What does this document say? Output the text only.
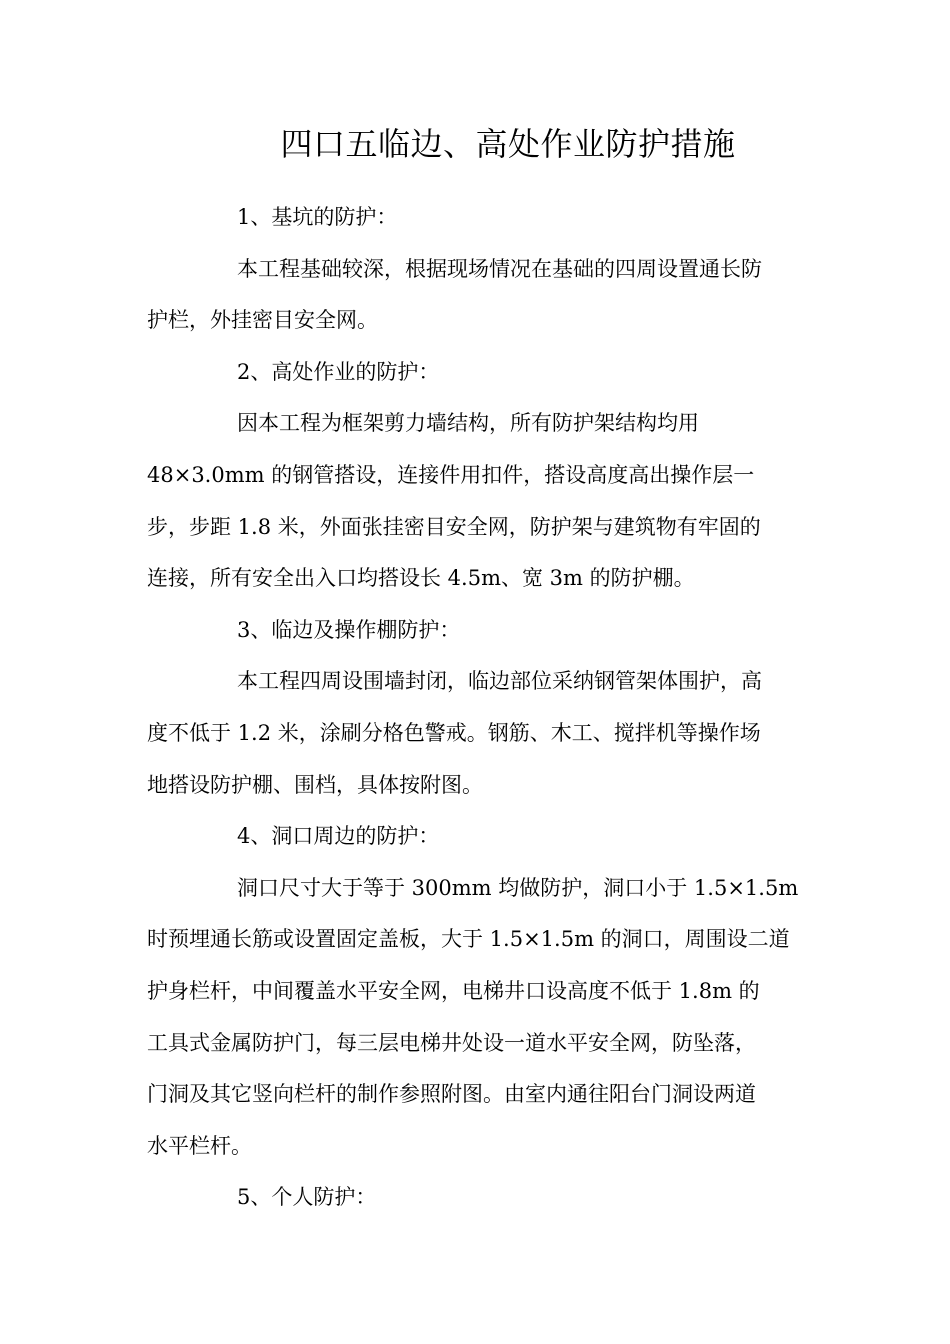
四口五临边、高处作业防护措施
1、基坑的防护：
本工程基础较深，根据现场情况在基础的四周设置通长防
护栏，外挂密目安全网。
2、高处作业的防护：
因本工程为框架剪力墙结构，所有防护架结构均用
48×3.0mm 的钢管搭设，连接件用扣件，搭设高度高出操作层一
步，步距 1.8 米，外面张挂密目安全网，防护架与建筑物有牢固的
连接，所有安全出入口均搭设长 4.5m、宽 3m 的防护棚。
3、临边及操作棚防护：
本工程四周设围墙封闭，临边部位采纳钢管架体围护，高
度不低于 1.2 米，涂刷分格色警戒。钢筋、木工、搅拌机等操作场
地搭设防护棚、围档，具体按附图。
4、洞口周边的防护：
洞口尺寸大于等于 300mm 均做防护，洞口小于 1.5×1.5m
时预埋通长筋或设置固定盖板，大于 1.5×1.5m 的洞口，周围设二道
护身栏杆，中间覆盖水平安全网，电梯井口设高度不低于 1.8m 的
工具式金属防护门，每三层电梯井处设一道水平安全网，防坠落，
门洞及其它竖向栏杆的制作参照附图。由室内通往阳台门洞设两道
水平栏杆。
5、个人防护：
